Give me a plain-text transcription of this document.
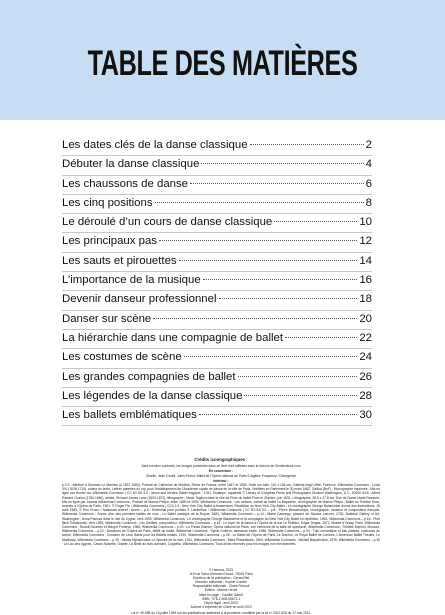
TABLE DES MATIÈRES
Les dates clés de la danse classique	2
Débuter la danse classique	4
Les chaussons de danse	6
Les cinq positions	8
Le déroulé d’un cours de danse classique	10
Les principaux pas	12
Les sauts et pirouettes	14
L’importance de la musique	16
Devenir danseur professionnel	18
Danser sur scène	20
La hiérarchie dans une compagnie de ballet	22
Les costumes de scène	24
Les grandes compagnies de ballet	26
Les légendes de la danse classique	28
Les ballets emblématiques	30
Crédits iconographiques :
Sauf mention contraire, les images présentes dans ce livre sont utilisées sous la licence de Shutterstock.com
En couverture :
Giselle, Jean Coralli, Jules Perrot, Ballet de l’Opéra national de Paris © Agathe Poupeney / Divergence
Intérieur :
p.2-3 : Attribué à Germain Le Mannier (c.1537-1560), Portrait de Catherine de Médicis, Reine de France, entre 1547 et 1559, Huile sur toile, 110 x 156 cm, Galleria degli Uffizi, Florence, Wikimedia Commons ; Louis XIV (1638-1715), auteur du texte, Lettres patentes du roy, pour l’établissement de l’Académie royale de danse en la ville de Paris, Vérifiées en Parlement le 30 mars 1662, Gallica (BnF) ; Monographie imprimée ; Mis en ligne par Hunter sur Wikimedia Commons | CC BY-SA 3.0 ; Jason and Medea, Ballet tragique ; 1781, Estampe, aquatinte © Library of Congress Prints and Photographs Division Washington, D.C. 20540 USA ; Alfred Edward Chalon (1780-1860), artiste, Richard James Lane (1800-1872), lithographe ; Marie Taglioni dans le rôle de Flore du ballet Flore et Zéphire, juin 1831, Lithographie, 38,5 x 27,8 cm, Don de Dame Marie Rambert, Mis en ligne par Joanna Wikimedia Commons ; Portrait de Marius Petipa, entre 1890 et 1909, Wikimedia Commons ; Les ombres, extrait du ballet La Bayadère, chorégraphie de Marius Petipa ; Ballet du Théâtre Kirov, tournée à l’Opéra de Paris, 1961, © Roger Pic / Wikimedia Commons | CC0 1.0 ; New York City Ballet à Amsterdam, Répétition du New York City Ballet ; Le chorégraphe George Balanchine donne des instructions, 28 août 1965, © Ron Kroon / Nationaal archief / Anefo – p.6 : Entrechat pour pointes © Lambertus / Wikimedia Commons | CC BY-SA 3.0 – p.8 : Pierre Beauchamps, chorégraphe, danseur et compositeur français, Wikimedia Commons ; Scène d’un des premiers ballets de cour ; Le Ballet comique de la Royne, 1581, Wikimedia Commons – p.14 : Marie Camargo, gravure de Nicolas Lancret, 1730, National Gallery of Art, Washington ; Anna Pavlova dans le rôle du Cygne, vers 1905, Wikimedia Commons ; Le chorégraphe George Balanchine et la compagnie du New York City Ballet en répétition, 1963, Wikimedia Commons – p.16 : Piotr Ilitch Tchaïkovski, vers 1893, Wikimedia Commons ; Léo Delibes, compositeur, Wikimedia Commons – p.18 : Le foyer de la danse à l’Opéra de la rue Le Peletier, Edgar Degas, 1872, Musée d’Orsay, Paris, Wikimedia Commons ; Rudolf Noureev et Margot Fonteyn, 1965, Wikimedia Commons – p.20 : Le Palais Garnier, Opéra national de Paris, vue intérieure de la salle de spectacle, Wikimedia Commons ; Théâtre Bolchoï, Moscou, Wikimedia Commons – p.22 : Danseurs de l’Opéra de Paris, défilé du ballet, Wikimedia Commons ; Sylvie Guillem, danseuse étoile, 1988, Wikimedia Commons – p.24 : Tutu romantique et tutu plateau, costumes de scène, Wikimedia Commons ; Costume de Léon Bakst pour les Ballets russes, 1910, Wikimedia Commons – p.26 : Le Ballet de l’Opéra de Paris, Le Bolchoï, Le Royal Ballet de Londres, L’American Ballet Theatre, Le Mariinsky, Wikimedia Commons – p.28 : Vaslav Nijinski dans Le Spectre de la rose, 1911, Wikimedia Commons ; Maïa Plissetskaïa, 1964, Wikimedia Commons ; Mikhaïl Barychnikov, 1976, Wikimedia Commons – p.30 : Le Lac des cygnes, Casse-Noisette, Giselle, La Belle au bois dormant, Coppélia, Wikimedia Commons. Tous droits réservés pour les images non mentionnées.
© Hemma, 2023
119 rue Saint-Germain Drouot, 75002 Paris
Direction de la publication : Gérard Bel
Direction éditoriale : Sophie Cordier
Responsable éditoriale : Claire Fenouil
Édition : Marine Hervé
Mise en page : Camille Garrel
ISBN : 978-2-508-05673-1
Dépôt légal : avril 2023
Achevé d’imprimer en Chine en avril 2023
Loi nº 49-956 du 16 juillet 1949 sur les publications destinées à la jeunesse, modifiée par la loi nº 2011-525 du 17 mai 2011.
